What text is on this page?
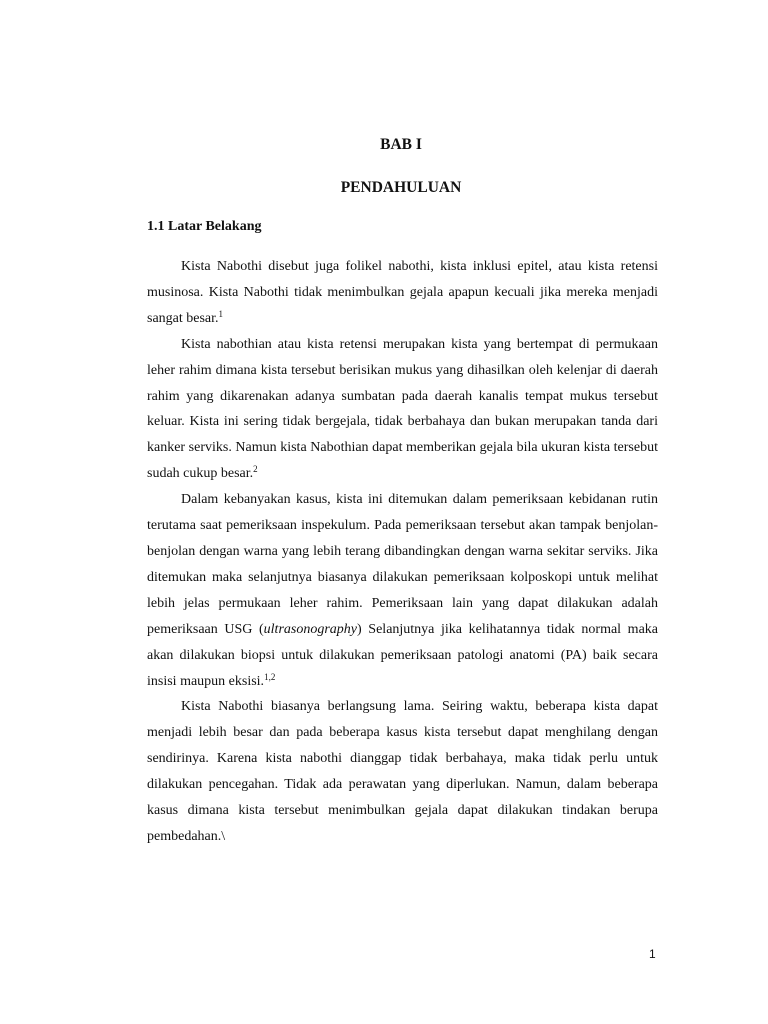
BAB I
PENDAHULUAN
1.1 Latar Belakang

Kista Nabothi disebut juga folikel nabothi, kista inklusi epitel, atau kista retensi musinosa. Kista Nabothi tidak menimbulkan gejala apapun kecuali jika mereka menjadi sangat besar.$^1$

Kista nabothian atau kista retensi merupakan kista yang bertempat di permukaan leher rahim dimana kista tersebut berisikan mukus yang dihasilkan oleh kelenjar di daerah rahim yang dikarenakan adanya sumbatan pada daerah kanalis tempat mukus tersebut keluar. Kista ini sering tidak bergejala, tidak berbahaya dan bukan merupakan tanda dari kanker serviks. Namun kista Nabothian dapat memberikan gejala bila ukuran kista tersebut sudah cukup besar.$^2$

Dalam kebanyakan kasus, kista ini ditemukan dalam pemeriksaan kebidanan rutin terutama saat pemeriksaan inspekulum. Pada pemeriksaan tersebut akan tampak benjolan-benjolan dengan warna yang lebih terang dibandingkan dengan warna sekitar serviks. Jika ditemukan maka selanjutnya biasanya dilakukan pemeriksaan kolposkopi untuk melihat lebih jelas permukaan leher rahim. Pemeriksaan lain yang dapat dilakukan adalah pemeriksaan USG (ultrasonography) Selanjutnya jika kelihatannya tidak normal maka akan dilakukan biopsi untuk dilakukan pemeriksaan patologi anatomi (PA) baik secara insisi maupun eksisi.$^{1,2}$

Kista Nabothi biasanya berlangsung lama. Seiring waktu, beberapa kista dapat menjadi lebih besar dan pada beberapa kasus kista tersebut dapat menghilang dengan sendirinya. Karena kista nabothi dianggap tidak berbahaya, maka tidak perlu untuk dilakukan pencegahan. Tidak ada perawatan yang diperlukan. Namun, dalam beberapa kasus dimana kista tersebut menimbulkan gejala dapat dilakukan tindakan berupa pembedahan.\

1
